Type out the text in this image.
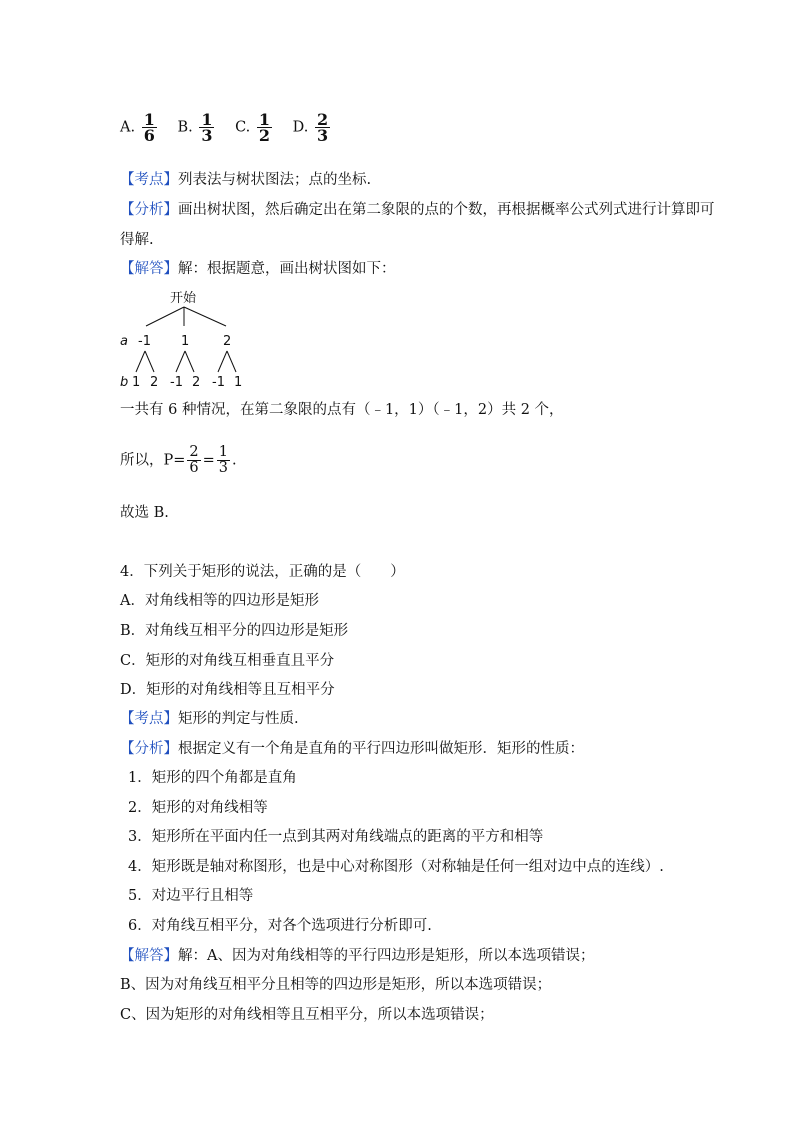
A. $\frac{1}{6} B$. $\frac{1}{3} C$. $\frac{1}{2} D$. $\frac{2}{3}$
【考点】列表法与树状图法；点的坐标.
【分析】画出树状图，然后确定出在第二象限的点的个数，再根据概率公式列式进行计算即可
得解.
【解答】解：根据题意，画出树状图如下：
开始
a -1 1	2
b 1 2 -1 2 -1 1
一共有 6 种情况，在第二象限的点有（﹣1，1）（﹣1，2）共 2 个，
所以，$P= \frac{2}{6} = \frac{1}{3}$ .
故选 B.
4．下列关于矩形的说法，正确的是（　　）
A．对角线相等的四边形是矩形
B．对角线互相平分的四边形是矩形
C．矩形的对角线互相垂直且平分
D．矩形的对角线相等且互相平分
【考点】矩形的判定与性质.
【分析】根据定义有一个角是直角的平行四边形叫做矩形．矩形的性质：
1．矩形的四个角都是直角
2．矩形的对角线相等
3．矩形所在平面内任一点到其两对角线端点的距离的平方和相等
4．矩形既是轴对称图形，也是中心对称图形（对称轴是任何一组对边中点的连线）.
5．对边平行且相等
6．对角线互相平分，对各个选项进行分析即可.
【解答】解：A、因为对角线相等的平行四边形是矩形，所以本选项错误；
B、因为对角线互相平分且相等的四边形是矩形，所以本选项错误；
C、因为矩形的对角线相等且互相平分，所以本选项错误；
